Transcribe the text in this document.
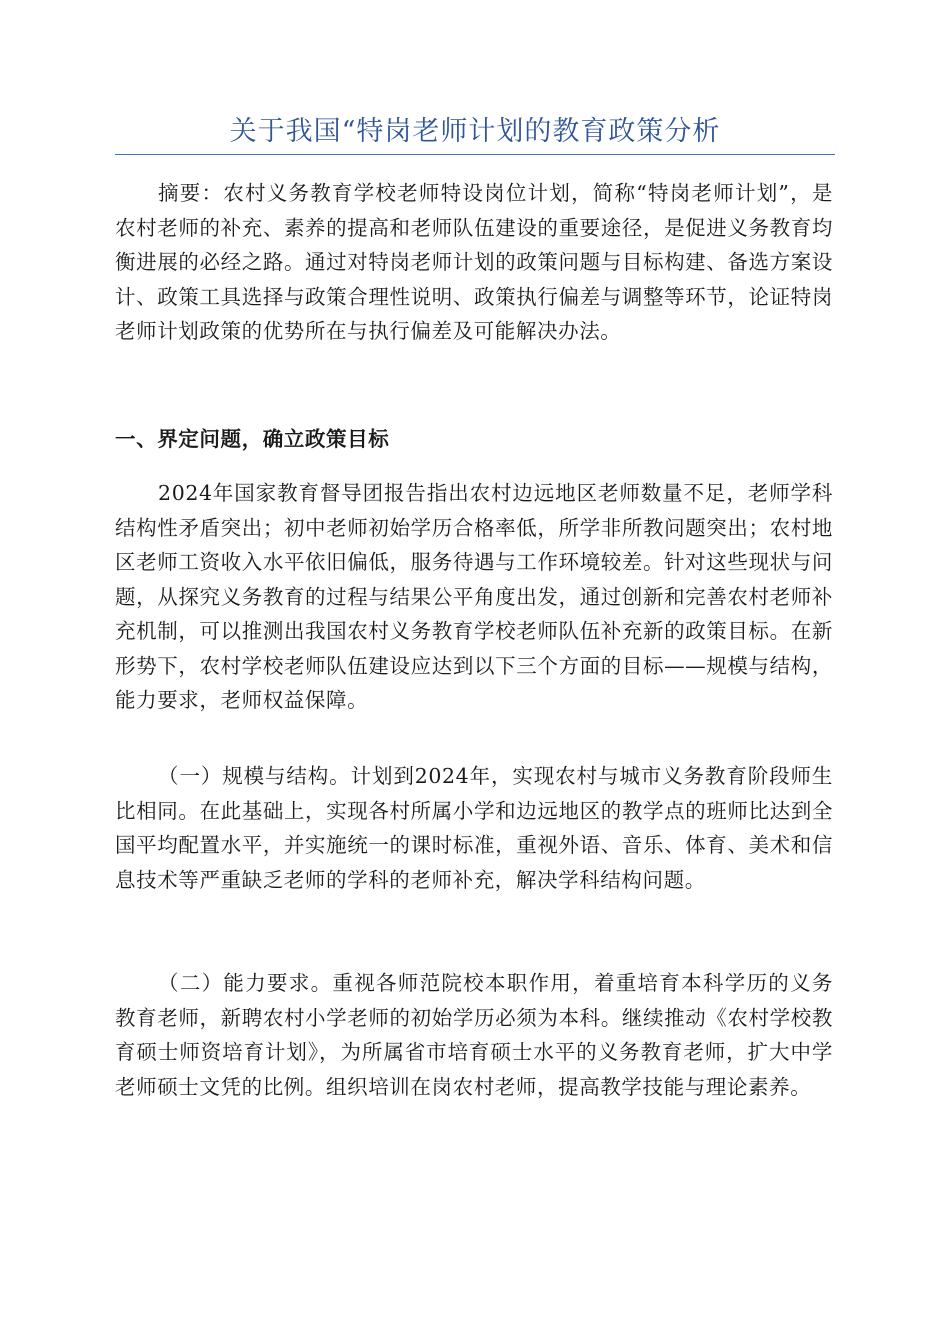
关于我国“特岗老师计划的教育政策分析

摘要：农村义务教育学校老师特设岗位计划，简称“特岗老师计划”，是农村老师的补充、素养的提高和老师队伍建设的重要途径，是促进义务教育均衡进展的必经之路。通过对特岗老师计划的政策问题与目标构建、备选方案设计、政策工具选择与政策合理性说明、政策执行偏差与调整等环节，论证特岗老师计划政策的优势所在与执行偏差及可能解决办法。

一、界定问题，确立政策目标

2024年国家教育督导团报告指出农村边远地区老师数量不足，老师学科结构性矛盾突出；初中老师初始学历合格率低，所学非所教问题突出；农村地区老师工资收入水平依旧偏低，服务待遇与工作环境较差。针对这些现状与问题，从探究义务教育的过程与结果公平角度出发，通过创新和完善农村老师补充机制，可以推测出我国农村义务教育学校老师队伍补充新的政策目标。在新形势下，农村学校老师队伍建设应达到以下三个方面的目标——规模与结构，能力要求，老师权益保障。

（一）规模与结构。计划到2024年，实现农村与城市义务教育阶段师生比相同。在此基础上，实现各村所属小学和边远地区的教学点的班师比达到全国平均配置水平，并实施统一的课时标准，重视外语、音乐、体育、美术和信息技术等严重缺乏老师的学科的老师补充，解决学科结构问题。

（二）能力要求。重视各师范院校本职作用，着重培育本科学历的义务教育老师，新聘农村小学老师的初始学历必须为本科。继续推动《农村学校教育硕士师资培育计划》，为所属省市培育硕士水平的义务教育老师，扩大中学老师硕士文凭的比例。组织培训在岗农村老师，提高教学技能与理论素养。
